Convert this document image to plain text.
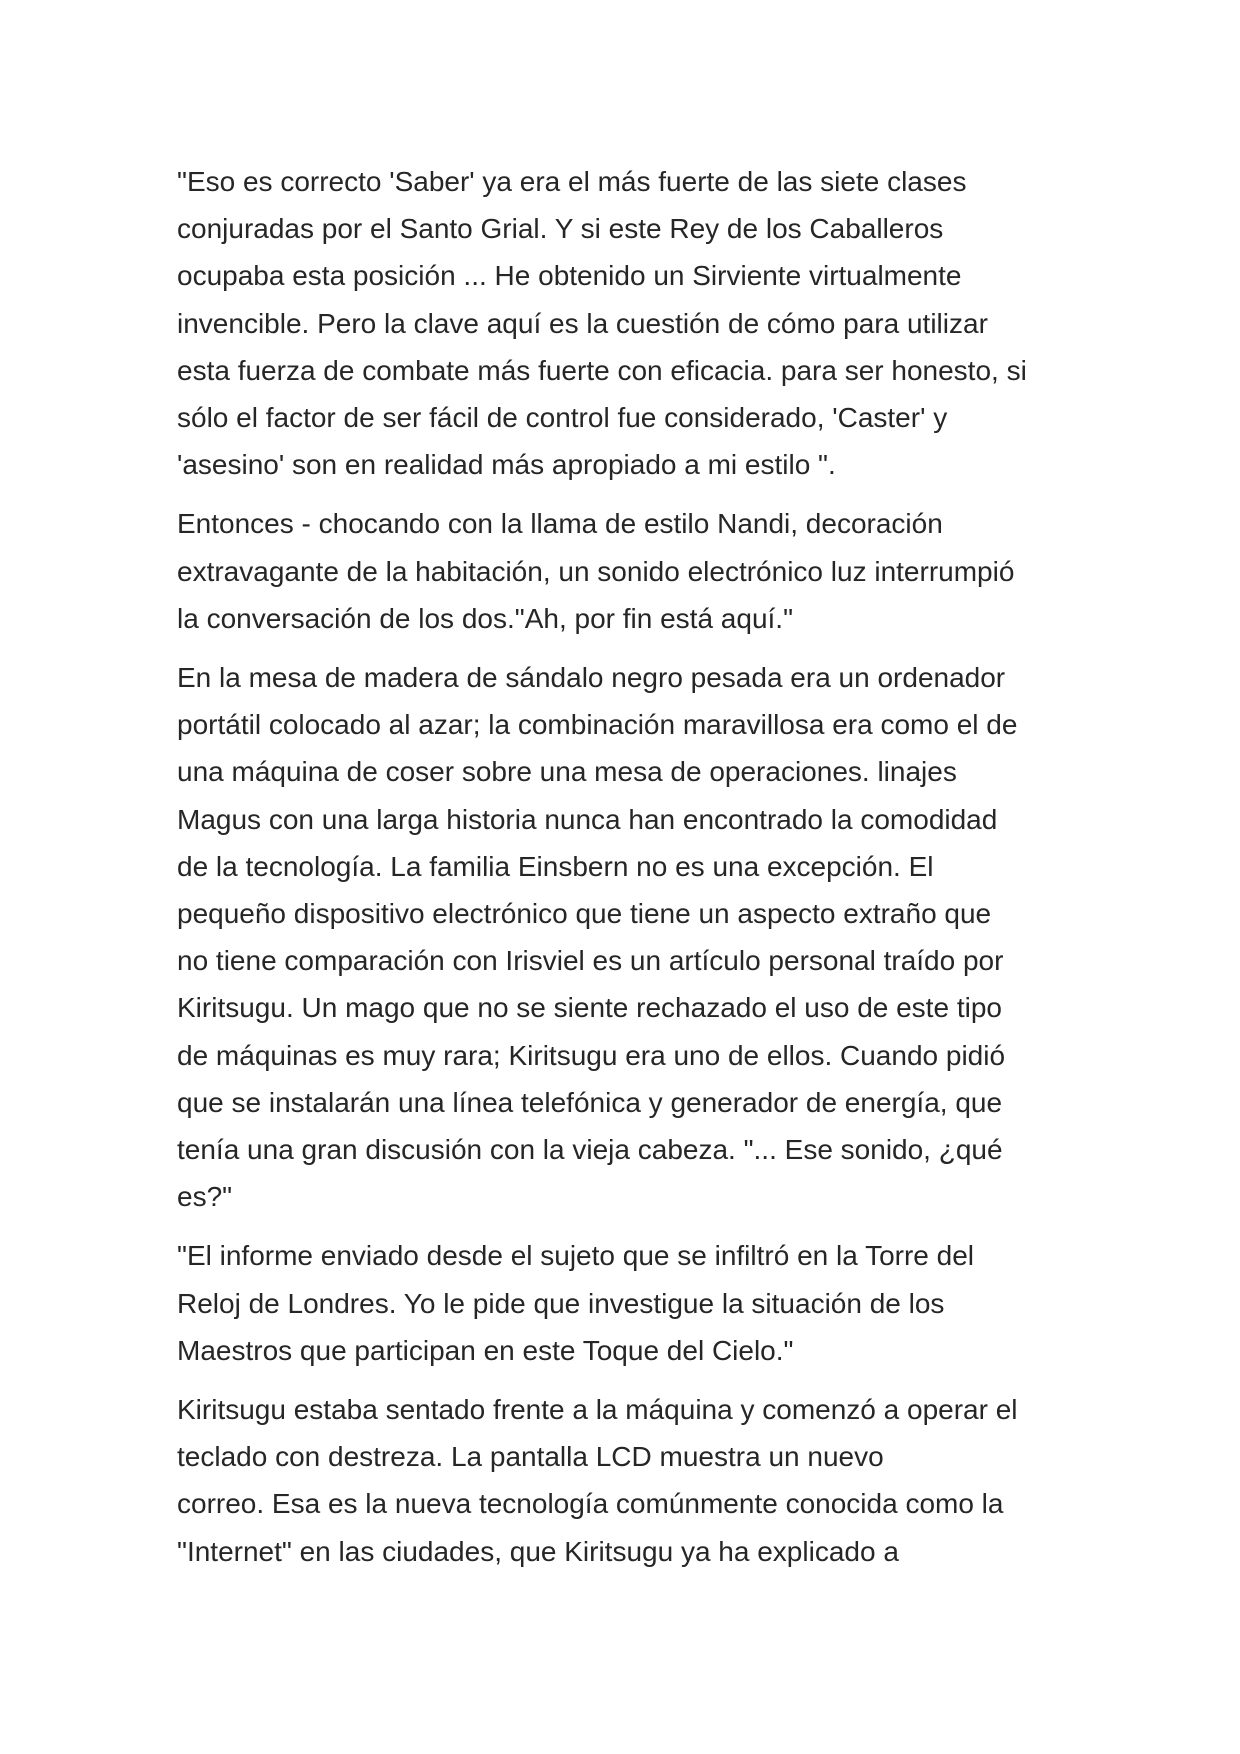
"Eso es correcto 'Saber' ya era el más fuerte de las siete clases
conjuradas por el Santo Grial. Y si este Rey de los Caballeros
ocupaba esta posición ... He obtenido un Sirviente virtualmente
invencible. Pero la clave aquí es la cuestión de cómo para utilizar
esta fuerza de combate más fuerte con eficacia. para ser honesto, si
sólo el factor de ser fácil de control fue considerado, 'Caster' y
'asesino' son en realidad más apropiado a mi estilo ".

Entonces - chocando con la llama de estilo Nandi, decoración
extravagante de la habitación, un sonido electrónico luz interrumpió
la conversación de los dos."Ah, por fin está aquí."

En la mesa de madera de sándalo negro pesada era un ordenador
portátil colocado al azar; la combinación maravillosa era como el de
una máquina de coser sobre una mesa de operaciones. linajes
Magus con una larga historia nunca han encontrado la comodidad
de la tecnología. La familia Einsbern no es una excepción. El
pequeño dispositivo electrónico que tiene un aspecto extraño que
no tiene comparación con Irisviel es un artículo personal traído por
Kiritsugu. Un mago que no se siente rechazado el uso de este tipo
de máquinas es muy rara; Kiritsugu era uno de ellos. Cuando pidió
que se instalarán una línea telefónica y generador de energía, que
tenía una gran discusión con la vieja cabeza. "... Ese sonido, ¿qué
es?"

"El informe enviado desde el sujeto que se infiltró en la Torre del
Reloj de Londres. Yo le pide que investigue la situación de los
Maestros que participan en este Toque del Cielo."

Kiritsugu estaba sentado frente a la máquina y comenzó a operar el
teclado con destreza. La pantalla LCD muestra un nuevo
correo. Esa es la nueva tecnología comúnmente conocida como la
"Internet" en las ciudades, que Kiritsugu ya ha explicado a
